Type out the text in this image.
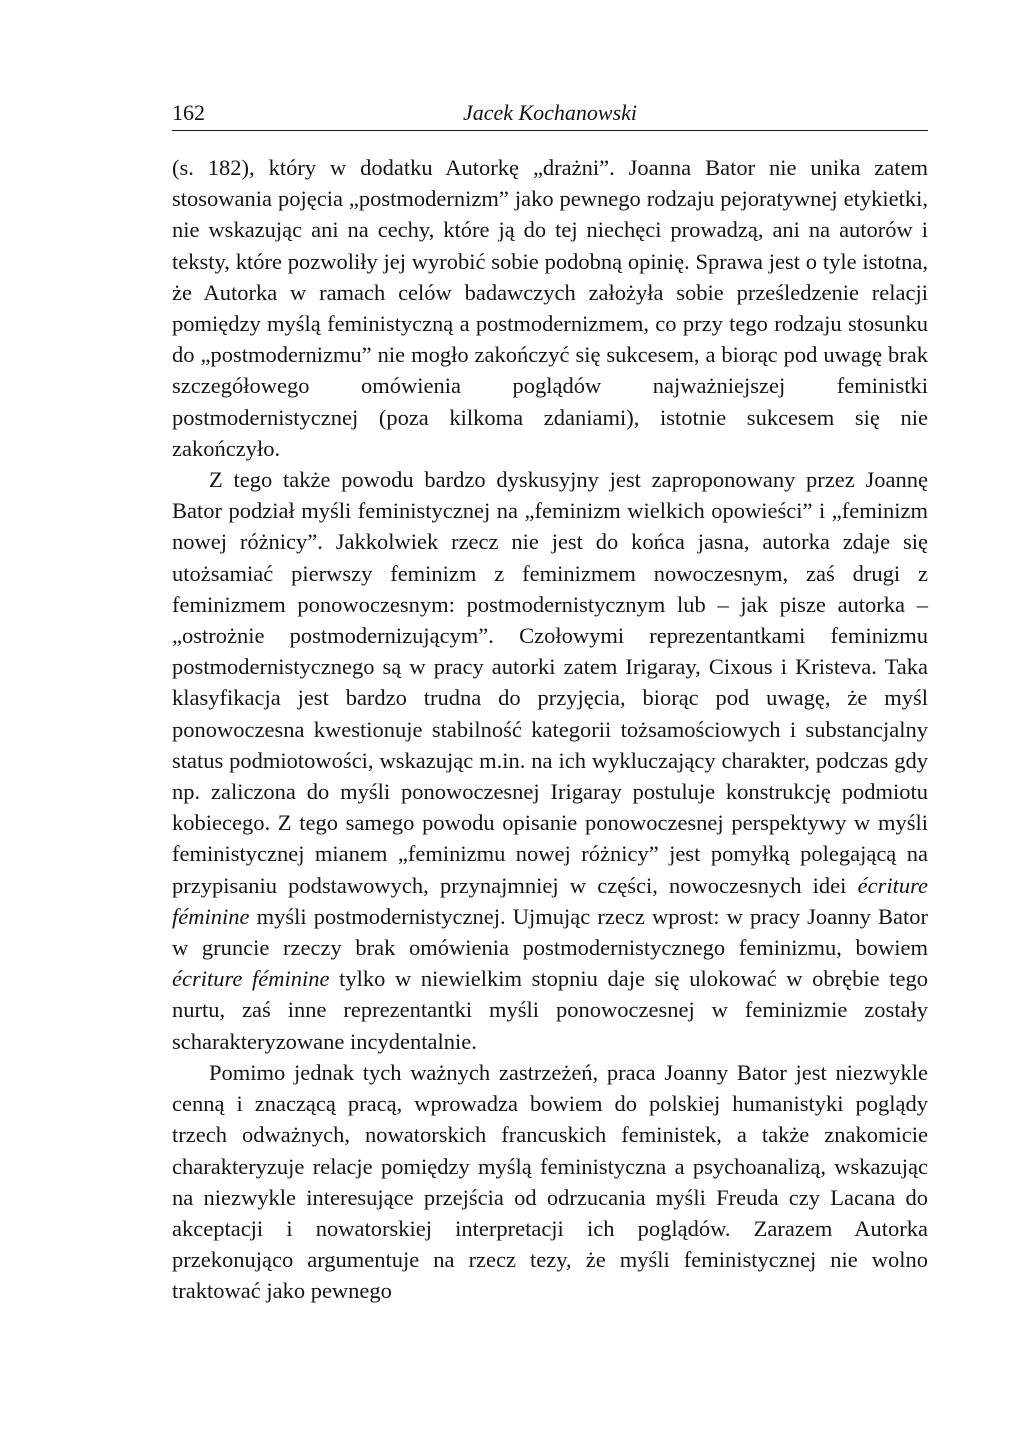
162	Jacek Kochanowski

(s. 182), który w dodatku Autorkę „drażni”. Joanna Bator nie unika zatem stosowania pojęcia „postmodernizm” jako pewnego rodzaju pejoratywnej etykietki, nie wskazując ani na cechy, które ją do tej niechęci prowadzą, ani na autorów i teksty, które pozwoliły jej wyrobić sobie podobną opinię. Sprawa jest o tyle istotna, że Autorka w ramach celów badawczych założyła sobie prześledzenie relacji pomiędzy myślą feministyczną a postmodernizmem, co przy tego rodzaju stosunku do „postmodernizmu” nie mogło zakończyć się sukcesem, a biorąc pod uwagę brak szczegółowego omówienia poglądów najważniejszej feministki postmodernistycznej (poza kilkoma zdaniami), istotnie sukcesem się nie zakończyło.

Z tego także powodu bardzo dyskusyjny jest zaproponowany przez Joannę Bator podział myśli feministycznej na „feminizm wielkich opowieści” i „feminizm nowej różnicy”. Jakkolwiek rzecz nie jest do końca jasna, autorka zdaje się utożsamiać pierwszy feminizm z feminizmem nowoczesnym, zaś drugi z feminizmem ponowoczesnym: postmodernistycznym lub – jak pisze autorka – „ostrożnie postmodernizującym”. Czołowymi reprezentantkami feminizmu postmodernistycznego są w pracy autorki zatem Irigaray, Cixous i Kristeva. Taka klasyfikacja jest bardzo trudna do przyjęcia, biorąc pod uwagę, że myśl ponowoczesna kwestionuje stabilność kategorii tożsamościowych i substancjalny status podmiotowości, wskazując m.in. na ich wykluczający charakter, podczas gdy np. zaliczona do myśli ponowoczesnej Irigaray postuluje konstrukcję podmiotu kobiecego. Z tego samego powodu opisanie ponowoczesnej perspektywy w myśli feministycznej mianem „feminizmu nowej różnicy” jest pomyłką polegającą na przypisaniu podstawowych, przynajmniej w części, nowoczesnych idei écriture féminine myśli postmodernistycznej. Ujmując rzecz wprost: w pracy Joanny Bator w gruncie rzeczy brak omówienia postmodernistycznego feminizmu, bowiem écriture féminine tylko w niewielkim stopniu daje się ulokować w obrębie tego nurtu, zaś inne reprezentantki myśli ponowoczesnej w feminizmie zostały scharakteryzowane incydentalnie.

Pomimo jednak tych ważnych zastrzeżeń, praca Joanny Bator jest niezwykle cenną i znaczącą pracą, wprowadza bowiem do polskiej humanistyki poglądy trzech odważnych, nowatorskich francuskich feministek, a także znakomicie charakteryzuje relacje pomiędzy myślą feministyczna a psychoanalizą, wskazując na niezwykle interesujące przejścia od odrzucania myśli Freuda czy Lacana do akceptacji i nowatorskiej interpretacji ich poglądów. Zarazem Autorka przekonująco argumentuje na rzecz tezy, że myśli feministycznej nie wolno traktować jako pewnego
